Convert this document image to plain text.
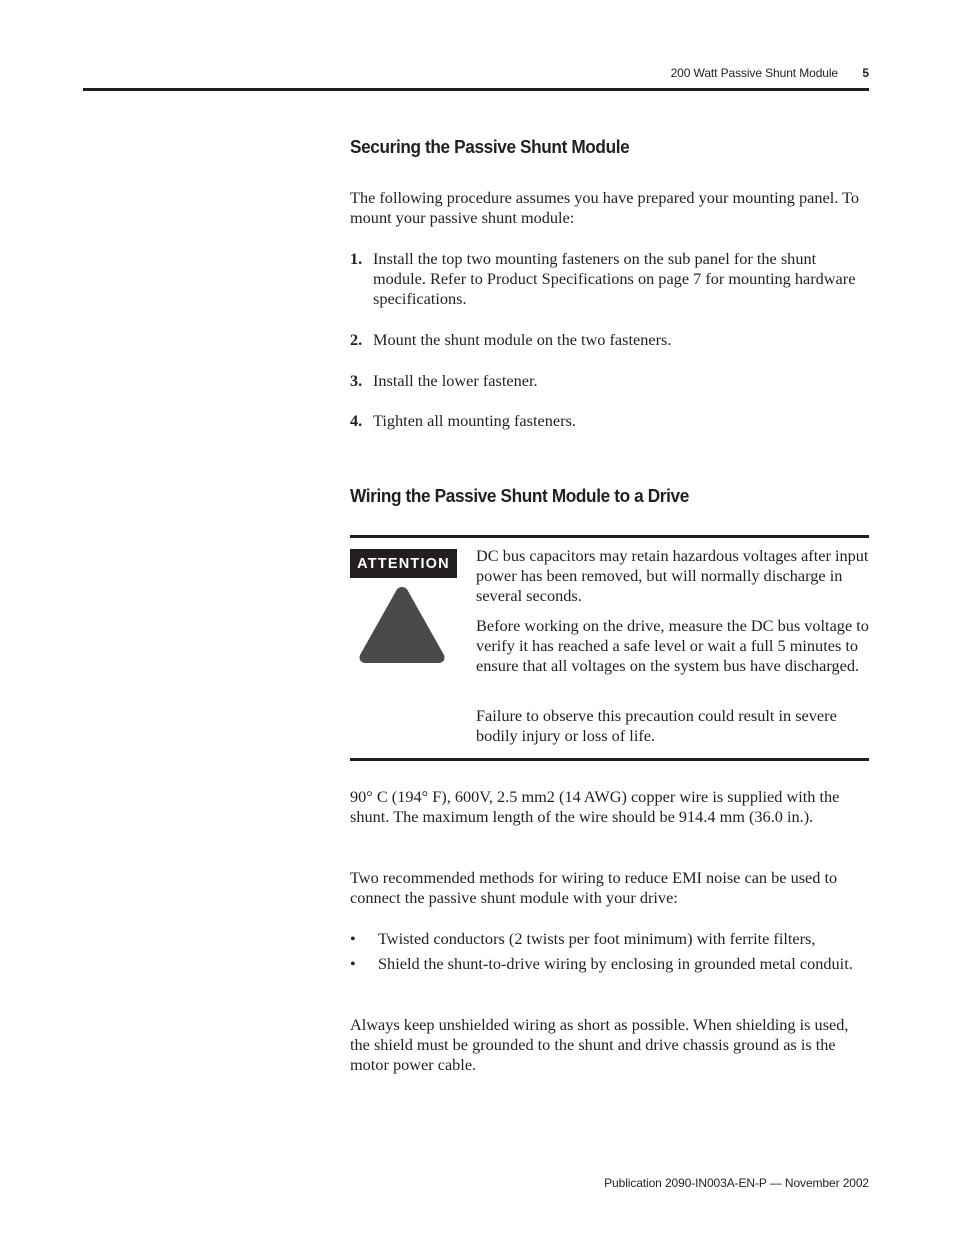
200 Watt Passive Shunt Module 5
Securing the Passive Shunt Module

The following procedure assumes you have prepared your mounting panel. To mount your passive shunt module:

1. Install the top two mounting fasteners on the sub panel for the shunt module. Refer to Product Specifications on page 7 for mounting hardware specifications.
2. Mount the shunt module on the two fasteners.
3. Install the lower fastener.
4. Tighten all mounting fasteners.
Wiring the Passive Shunt Module to a Drive
ATTENTION	DC bus capacitors may retain hazardous voltages after input power has been removed, but will normally discharge in several seconds.
Before working on the drive, measure the DC bus voltage to verify it has reached a safe level or wait a full 5 minutes to ensure that all voltages on the system bus have discharged.
Failure to observe this precaution could result in severe bodily injury or loss of life.

90° C (194° F), 600V, 2.5 mm2 (14 AWG) copper wire is supplied with the shunt. The maximum length of the wire should be 914.4 mm (36.0 in.).

Two recommended methods for wiring to reduce EMI noise can be used to connect the passive shunt module with your drive:

• Twisted conductors (2 twists per foot minimum) with ferrite filters,
• Shield the shunt-to-drive wiring by enclosing in grounded metal conduit.

Always keep unshielded wiring as short as possible. When shielding is used, the shield must be grounded to the shunt and drive chassis ground as is the motor power cable.

Publication 2090-IN003A-EN-P — November 2002
